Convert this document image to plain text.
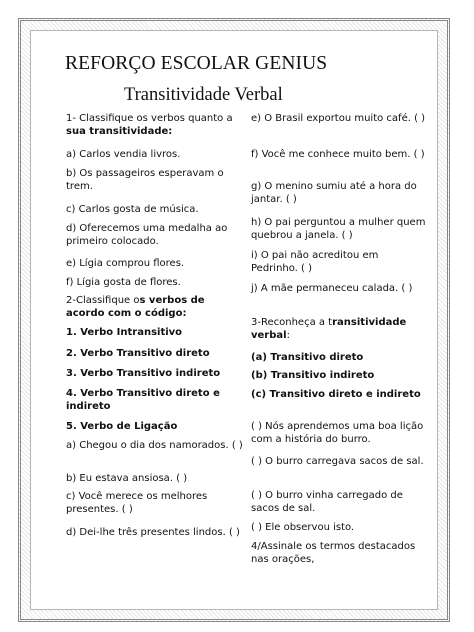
REFORÇO ESCOLAR GENIUS
Transitividade Verbal
1- Classifique os verbos quanto a sua transitividade:
a) Carlos vendia livros.
b) Os passageiros esperavam o trem.
c) Carlos gosta de música.
d) Oferecemos uma medalha ao primeiro colocado.
e) Lígia comprou flores.
f) Lígia gosta de flores.
2-Classifique os verbos de acordo com o código:
1. Verbo Intransitivo
2. Verbo Transitivo direto
3. Verbo Transitivo indireto
4. Verbo Transitivo direto e indireto
5. Verbo de Ligação
a) Chegou o dia dos namorados. ( )
b) Eu estava ansiosa. ( )
c) Você merece os melhores presentes. ( )
d) Dei-lhe três presentes lindos. ( )
e) O Brasil exportou muito café. ( )
f) Você me conhece muito bem. ( )
g) O menino sumiu até a hora do jantar. ( )
h) O pai perguntou a mulher quem quebrou a janela. ( )
i) O pai não acreditou em Pedrinho. ( )
j) A mãe permaneceu calada. ( )
3-Reconheça a transitividade verbal:
(a) Transitivo direto
(b) Transitivo indireto
(c) Transitivo direto e indireto
( ) Nós aprendemos uma boa lição com a história do burro.
( ) O burro carregava sacos de sal.
( ) O burro vinha carregado de sacos de sal.
( ) Ele observou isto.
4/Assinale os termos destacados nas orações,
